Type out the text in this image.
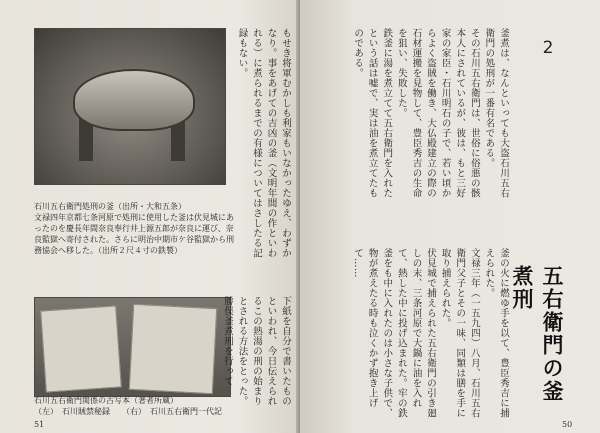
石川五右衛門処刑の釜（出所・大和五条）
文禄四年京都七条河原で処刑に使用した釜は伏見城にあったのを慶長年間奈良奉行井上源五郎が奈良に運び、奈良監獄へ寄付された。さらに明治中期市ケ谷監獄から刑務協会へ移した。（出所２尺４寸の鉄製）	もせき将軍むかしも利家もいなかったゆえ、わずかなり。事をあげての吉凶の釜（文明年間の作といわれる）に煮られるまでの有様についてはさしたる記録もない。
下紙を自分で書いたものといわれ、今日伝えられるこの熱湯の刑の始まりとされる方法をとった。勝俣釜煮刑を行って
石川五右衛門関係の古写本（著者所蔵）
（左）　石川賊禁秘録　　（右）　石川五右衛門一代記
51
釜煮は、なんといっても大盗石川五右衛門の処刑が一番有名である。
その石川五右衛門は、世俗に俗悪の骸本人にされているが、彼は、もと三好家の家臣・石川明石の子で、若い頃からよく盗賊を働き、大仏殿建立の際の石材運搬を見物して、豊臣秀吉の生命を狙い、失敗した。
鉄釜に湯を煮立てて五右衛門を入れたという話は嘘で、実は油を煮立てたものである。
釜の火に燃ゆ手を以て、豊臣秀吉に捕えられた。
文禄三年（一五九四）八月、石川五右衛門父子とその一味、同類は膳を手に取り捕えられた。
伏見城で捕えられた五右衛門の引き廻しの末、三条河原で大鍋に油を入れて、熱した中に投げ込まれた。牢の鉄釜をも中に入れたのは小さな子供で、
物が煮えたる時も泣くかず抱き上げて……
2
五右衛門の釜煮刑
50
